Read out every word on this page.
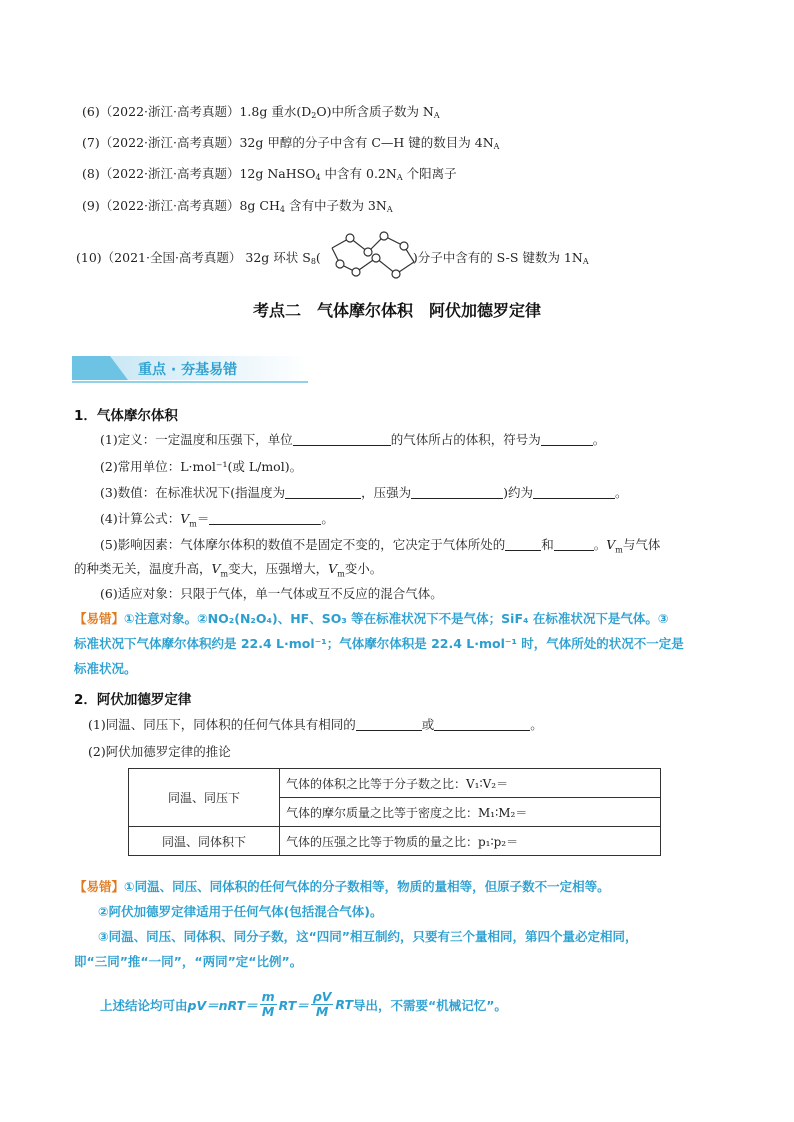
(6)（2022·浙江·高考真题）1.8g 重水$(D_2O)$中所含质子数为 $N_A$
(7)（2022·浙江·高考真题）32g 甲醇的分子中含有 C—H 键的数目为 $4N_A$
(8)（2022·浙江·高考真题）12g NaHSO$_4$ 中含有 $0.2N_A$ 个阳离子
(9)（2022·浙江·高考真题）8g $CH_4$ 含有中子数为 $3N_A$
(10)（2021·全国·高考真题） 32g 环状 $S_8$(	)分子中含有的 S-S 键数为 $1N_A$
考点二　气体摩尔体积　阿伏加德罗定律
重点 · 夯基易错
1．气体摩尔体积
(1)定义：一定温度和压强下，单位	的气体所占的体积，符号为	。
(2)常用单位：L·mol⁻¹(或 L/mol)。
(3)数值：在标准状况下(指温度为	，压强为	)约为	。
(4)计算公式：$V_m=$	。
(5)影响因素：气体摩尔体积的数值不是固定不变的，它决定于气体所处的	和	。$V_m$与气体
的种类无关，温度升高，$V_m$变大，压强增大，$V_m$变小。
(6)适应对象：只限于气体，单一气体或互不反应的混合气体。
【易错】①注意对象。②NO₂(N₂O₄)、HF、SO₃ 等在标准状况下不是气体；SiF₄ 在标准状况下是气体。③
标准状况下气体摩尔体积约是 22.4 L·mol⁻¹；气体摩尔体积是 22.4 L·mol⁻¹ 时，气体所处的状况不一定是
标准状况。
2．阿伏加德罗定律
(1)同温、同压下，同体积的任何气体具有相同的	或	。
(2)阿伏加德罗定律的推论
同温、同压下	气体的体积之比等于分子数之比：V₁∶V₂＝
	气体的摩尔质量之比等于密度之比：M₁∶M₂＝
同温、同体积下	气体的压强之比等于物质的量之比：p₁∶p₂＝
【易错】①同温、同压、同体积的任何气体的分子数相等，物质的量相等，但原子数不一定相等。
②阿伏加德罗定律适用于任何气体(包括混合气体)。
③同温、同压、同体积、同分子数，这“四同”相互制约，只要有三个量相同，第四个量必定相同，
即“三同”推“一同”，“两同”定“比例”。
上述结论均可由 $pV=nRT= \frac{m}{M} RT= \frac{\rho V}{M}$ RT 导出，不需要“机械记忆”。
